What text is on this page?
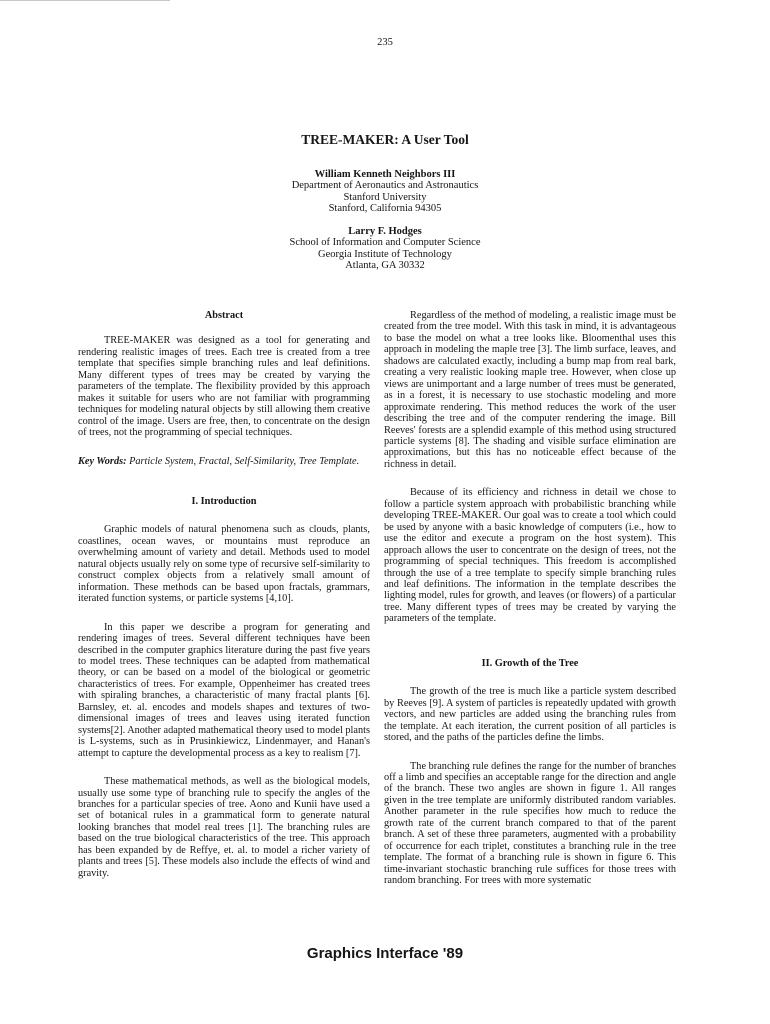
235
TREE-MAKER: A User Tool
William Kenneth Neighbors III
Department of Aeronautics and Astronautics
Stanford University
Stanford, California 94305
Larry F. Hodges
School of Information and Computer Science
Georgia Institute of Technology
Atlanta, GA 30332
Abstract

TREE-MAKER was designed as a tool for generating and rendering realistic images of trees. Each tree is created from a tree template that specifies simple branching rules and leaf definitions. Many different types of trees may be created by varying the parameters of the template. The flexibility provided by this approach makes it suitable for users who are not familiar with programming techniques for modeling natural objects by still allowing them creative control of the image. Users are free, then, to concentrate on the design of trees, not the programming of special techniques.

Key Words: Particle System, Fractal, Self-Similarity, Tree Template.

I. Introduction

Graphic models of natural phenomena such as clouds, plants, coastlines, ocean waves, or mountains must reproduce an overwhelming amount of variety and detail. Methods used to model natural objects usually rely on some type of recursive self-similarity to construct complex objects from a relatively small amount of information. These methods can be based upon fractals, grammars, iterated function systems, or particle systems [4,10].

In this paper we describe a program for generating and rendering images of trees. Several different techniques have been described in the computer graphics literature during the past five years to model trees. These techniques can be adapted from mathematical theory, or can be based on a model of the biological or geometric characteristics of trees. For example, Oppenheimer has created trees with spiraling branches, a characteristic of many fractal plants [6]. Barnsley, et. al. encodes and models shapes and textures of two-dimensional images of trees and leaves using iterated function systems[2]. Another adapted mathematical theory used to model plants is L-systems, such as in Prusinkiewicz, Lindenmayer, and Hanan's attempt to capture the developmental process as a key to realism [7].

These mathematical methods, as well as the biological models, usually use some type of branching rule to specify the angles of the branches for a particular species of tree. Aono and Kunii have used a set of botanical rules in a grammatical form to generate natural looking branches that model real trees [1]. The branching rules are based on the true biological characteristics of the tree. This approach has been expanded by de Reffye, et. al. to model a richer variety of plants and trees [5]. These models also include the effects of wind and gravity.

Regardless of the method of modeling, a realistic image must be created from the tree model. With this task in mind, it is advantageous to base the model on what a tree looks like. Bloomenthal uses this approach in modeling the maple tree [3]. The limb surface, leaves, and shadows are calculated exactly, including a bump map from real bark, creating a very realistic looking maple tree. However, when close up views are unimportant and a large number of trees must be generated, as in a forest, it is necessary to use stochastic modeling and more approximate rendering. This method reduces the work of the user describing the tree and of the computer rendering the image. Bill Reeves' forests are a splendid example of this method using structured particle systems [8]. The shading and visible surface elimination are approximations, but this has no noticeable effect because of the richness in detail.

Because of its efficiency and richness in detail we chose to follow a particle system approach with probabilistic branching while developing TREE-MAKER. Our goal was to create a tool which could be used by anyone with a basic knowledge of computers (i.e., how to use the editor and execute a program on the host system). This approach allows the user to concentrate on the design of trees, not the programming of special techniques. This freedom is accomplished through the use of a tree template to specify simple branching rules and leaf definitions. The information in the template describes the lighting model, rules for growth, and leaves (or flowers) of a particular tree. Many different types of trees may be created by varying the parameters of the template.

II. Growth of the Tree

The growth of the tree is much like a particle system described by Reeves [9]. A system of particles is repeatedly updated with growth vectors, and new particles are added using the branching rules from the template. At each iteration, the current position of all particles is stored, and the paths of the particles define the limbs.

The branching rule defines the range for the number of branches off a limb and specifies an acceptable range for the direction and angle of the branch. These two angles are shown in figure 1. All ranges given in the tree template are uniformly distributed random variables. Another parameter in the rule specifies how much to reduce the growth rate of the current branch compared to that of the parent branch. A set of these three parameters, augmented with a probability of occurrence for each triplet, constitutes a branching rule in the tree template. The format of a branching rule is shown in figure 6. This time-invariant stochastic branching rule suffices for those trees with random branching. For trees with more systematic

Graphics Interface '89
